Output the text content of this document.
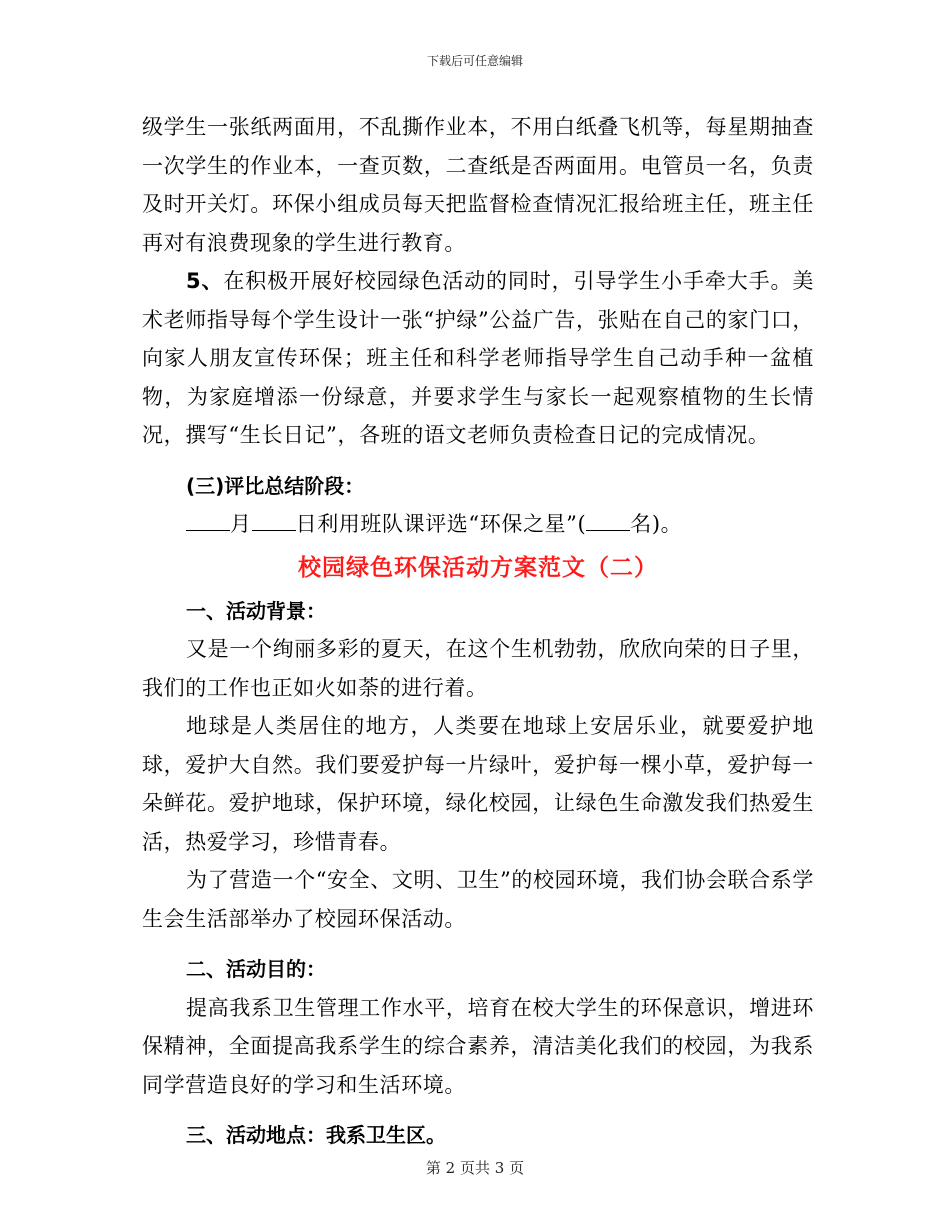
下载后可任意编辑

级学生一张纸两面用，不乱撕作业本，不用白纸叠飞机等，每星期抽查一次学生的作业本，一查页数，二查纸是否两面用。电管员一名，负责及时开关灯。环保小组成员每天把监督检查情况汇报给班主任，班主任再对有浪费现象的学生进行教育。

5、在积极开展好校园绿色活动的同时，引导学生小手牵大手。美术老师指导每个学生设计一张“护绿”公益广告，张贴在自己的家门口，向家人朋友宣传环保；班主任和科学老师指导学生自己动手种一盆植物，为家庭增添一份绿意，并要求学生与家长一起观察植物的生长情况，撰写“生长日记”，各班的语文老师负责检查日记的完成情况。

(三)评比总结阶段：

月 日利用班队课评选“环保之星”( 名)。

校园绿色环保活动方案范文（二）

一、活动背景：

又是一个绚丽多彩的夏天，在这个生机勃勃，欣欣向荣的日子里，我们的工作也正如火如荼的进行着。

地球是人类居住的地方，人类要在地球上安居乐业，就要爱护地球，爱护大自然。我们要爱护每一片绿叶，爱护每一棵小草，爱护每一朵鲜花。爱护地球，保护环境，绿化校园，让绿色生命激发我们热爱生活，热爱学习，珍惜青春。

为了营造一个“安全、文明、卫生”的校园环境，我们协会联合系学生会生活部举办了校园环保活动。

二、活动目的：

提高我系卫生管理工作水平，培育在校大学生的环保意识，增进环保精神，全面提高我系学生的综合素养，清洁美化我们的校园，为我系同学营造良好的学习和生活环境。

三、活动地点：我系卫生区。

第 2 页共 3 页
